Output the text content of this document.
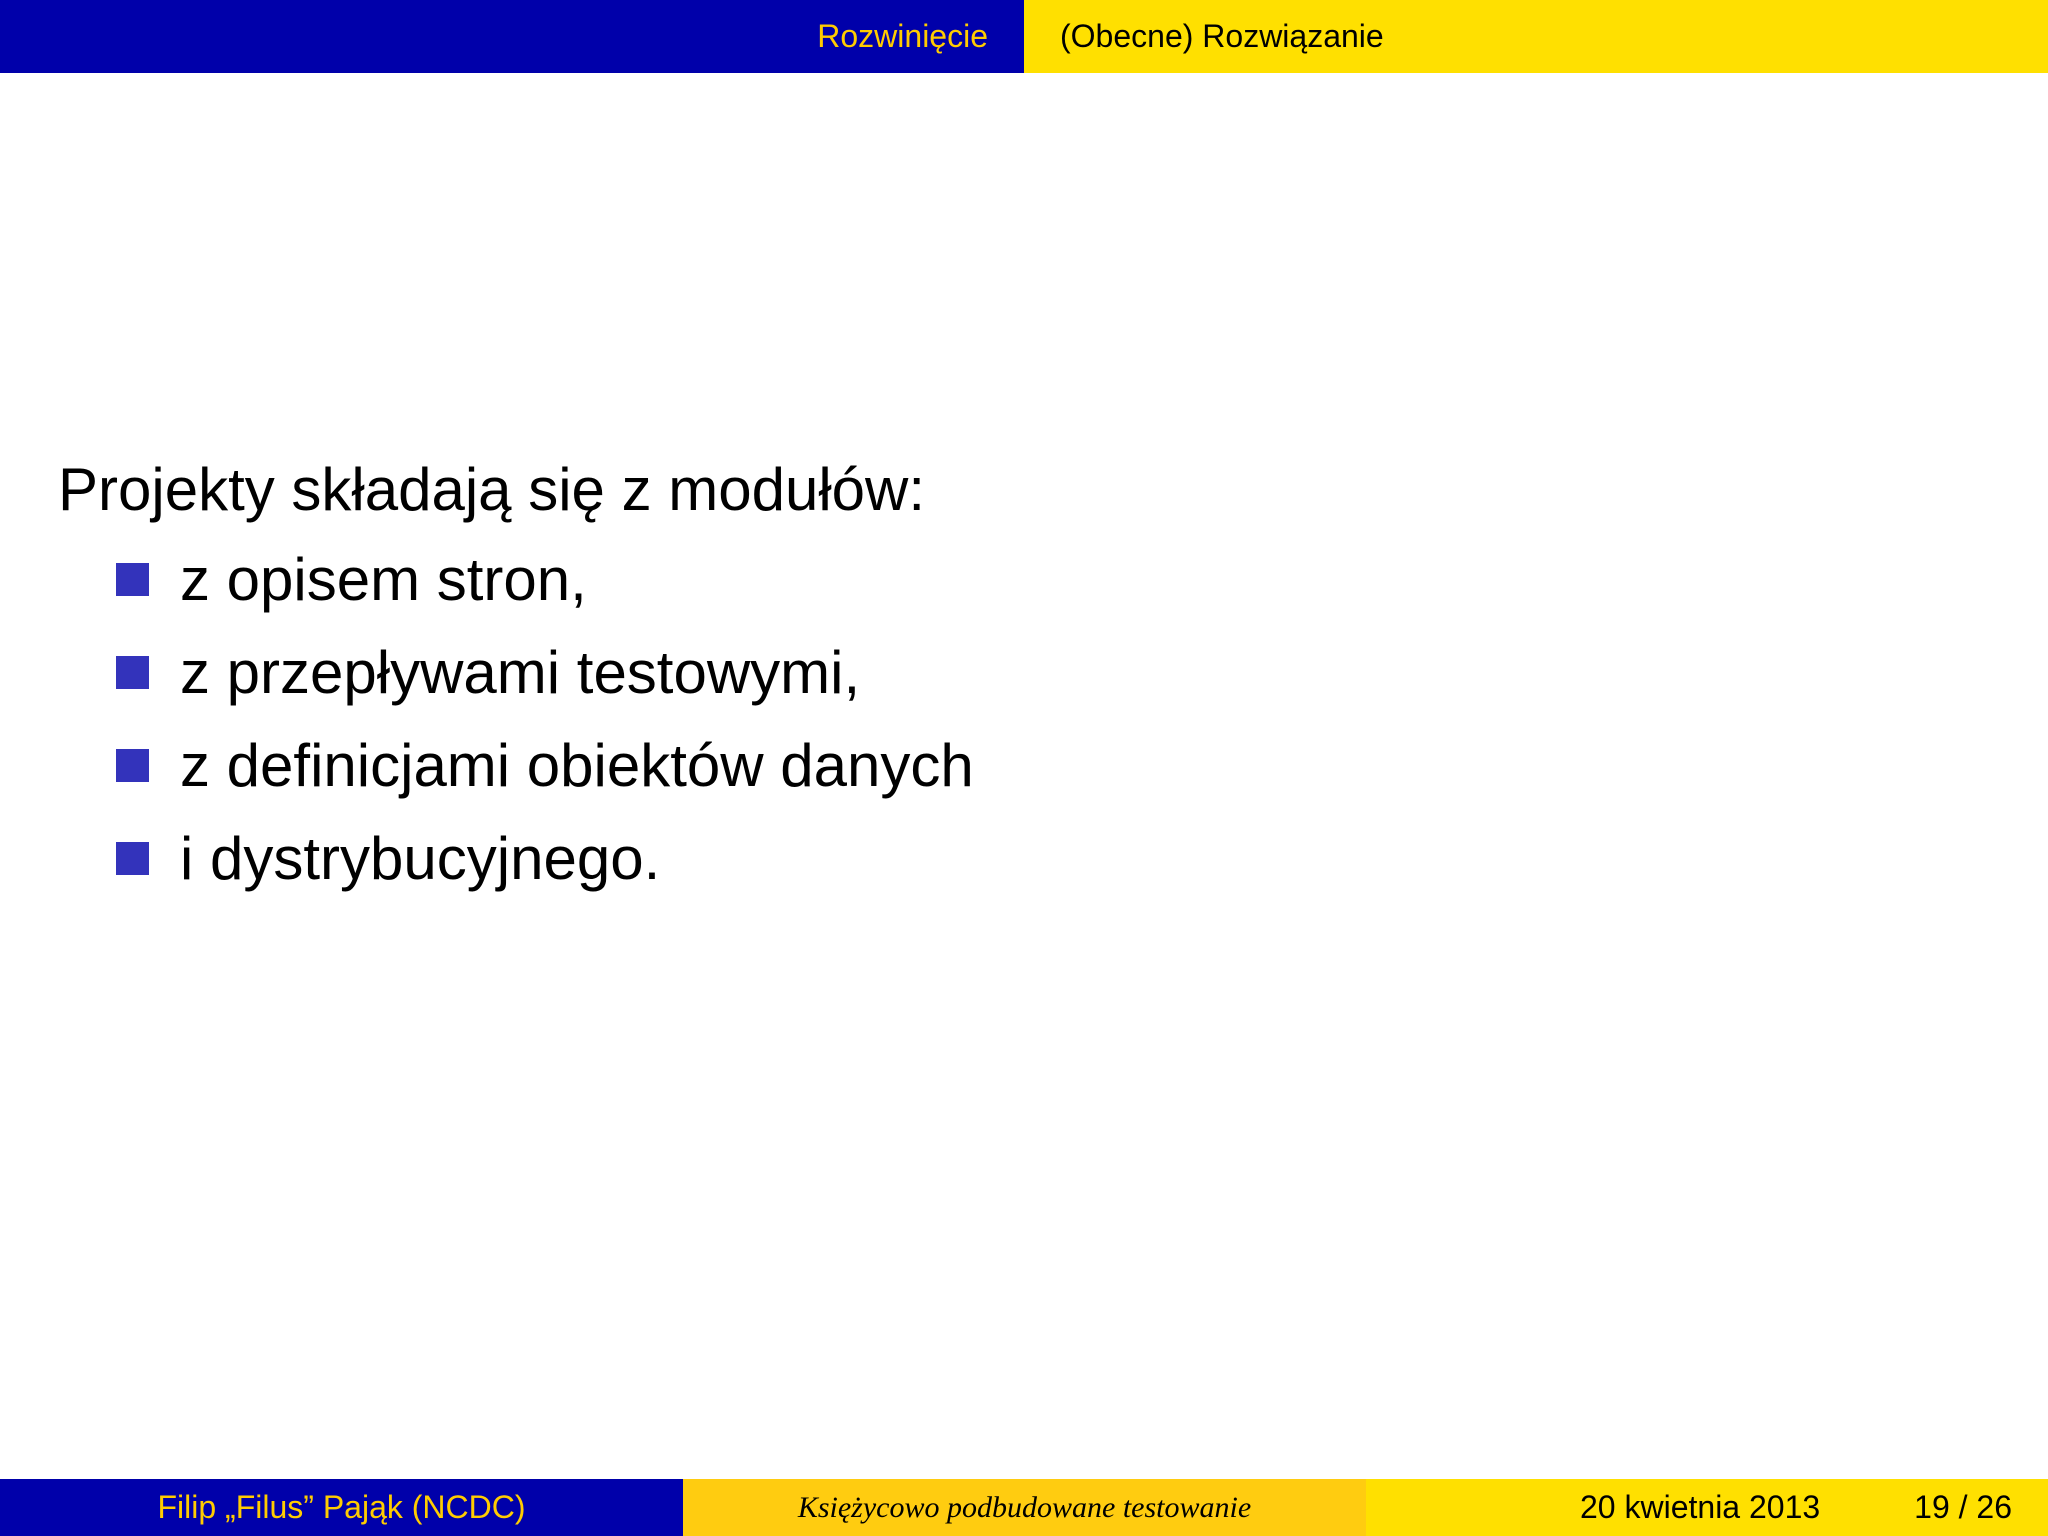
Rozwinięcie (Obecne) Rozwiązanie
Projekty składają się z modułów:
z opisem stron,
z przepływami testowymi,
z definicjami obiektów danych
i dystrybucyjnego.
Filip „Filus” Pająk (NCDC)	Księżycowo podbudowane testowanie	20 kwietnia 2013	19 / 26
